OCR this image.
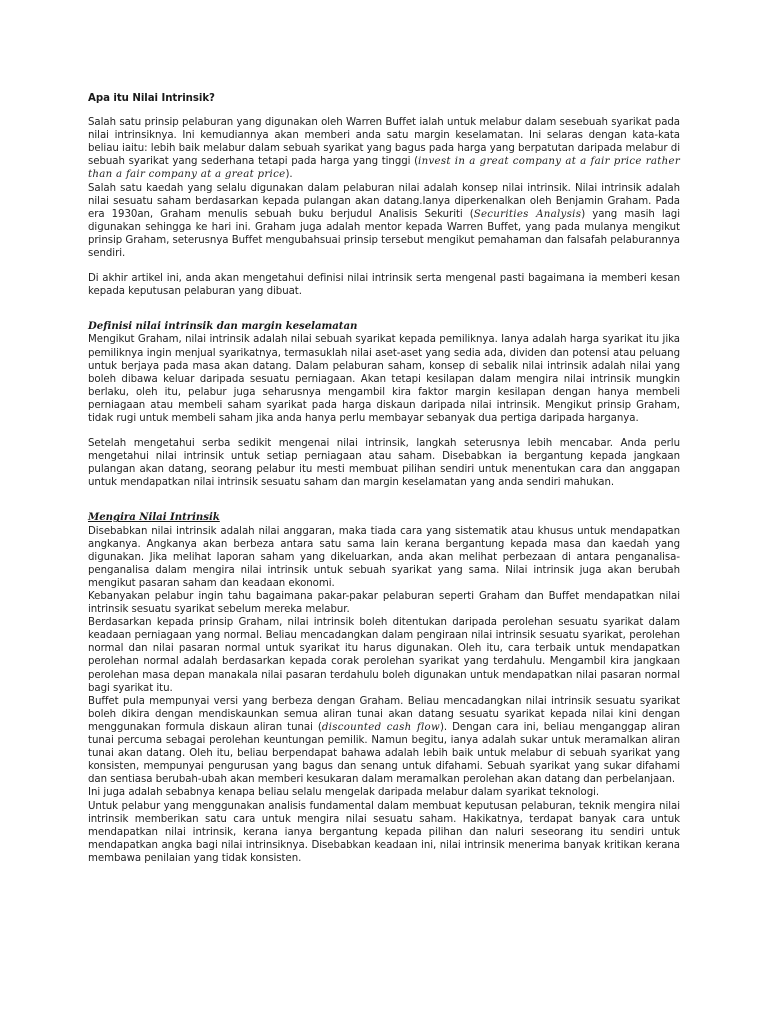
Apa itu Nilai Intrinsik?

Salah satu prinsip pelaburan yang digunakan oleh Warren Buffet ialah untuk melabur dalam sesebuah syarikat pada nilai intrinsiknya. Ini kemudiannya akan memberi anda satu margin keselamatan. Ini selaras dengan kata-kata beliau iaitu: lebih baik melabur dalam sebuah syarikat yang bagus pada harga yang berpatutan daripada melabur di sebuah syarikat yang sederhana tetapi pada harga yang tinggi (invest in a great company at a fair price rather than a fair company at a great price).

Salah satu kaedah yang selalu digunakan dalam pelaburan nilai adalah konsep nilai intrinsik. Nilai intrinsik adalah nilai sesuatu saham berdasarkan kepada pulangan akan datang.Ianya diperkenalkan oleh Benjamin Graham. Pada era 1930an, Graham menulis sebuah buku berjudul Analisis Sekuriti (Securities Analysis) yang masih lagi digunakan sehingga ke hari ini. Graham juga adalah mentor kepada Warren Buffet, yang pada mulanya mengikut prinsip Graham, seterusnya Buffet mengubahsuai prinsip tersebut mengikut pemahaman dan falsafah pelaburannya sendiri.

Di akhir artikel ini, anda akan mengetahui definisi nilai intrinsik serta mengenal pasti bagaimana ia memberi kesan kepada keputusan pelaburan yang dibuat.

Definisi nilai intrinsik dan margin keselamatan

Mengikut Graham, nilai intrinsik adalah nilai sebuah syarikat kepada pemiliknya. Ianya adalah harga syarikat itu jika pemiliknya ingin menjual syarikatnya, termasuklah nilai aset-aset yang sedia ada, dividen dan potensi atau peluang untuk berjaya pada masa akan datang. Dalam pelaburan saham, konsep di sebalik nilai intrinsik adalah nilai yang boleh dibawa keluar daripada sesuatu perniagaan. Akan tetapi kesilapan dalam mengira nilai intrinsik mungkin berlaku, oleh itu, pelabur juga seharusnya mengambil kira faktor margin kesilapan dengan hanya membeli perniagaan atau membeli saham syarikat pada harga diskaun daripada nilai intrinsik. Mengikut prinsip Graham, tidak rugi untuk membeli saham jika anda hanya perlu membayar sebanyak dua pertiga daripada harganya.

Setelah mengetahui serba sedikit mengenai nilai intrinsik, langkah seterusnya lebih mencabar. Anda perlu mengetahui nilai intrinsik untuk setiap perniagaan atau saham. Disebabkan ia bergantung kepada jangkaan pulangan akan datang, seorang pelabur itu mesti membuat pilihan sendiri untuk menentukan cara dan anggapan untuk mendapatkan nilai intrinsik sesuatu saham dan margin keselamatan yang anda sendiri mahukan.

Mengira Nilai Intrinsik

Disebabkan nilai intrinsik adalah nilai anggaran, maka tiada cara yang sistematik atau khusus untuk mendapatkan angkanya. Angkanya akan berbeza antara satu sama lain kerana bergantung kepada masa dan kaedah yang digunakan. Jika melihat laporan saham yang dikeluarkan, anda akan melihat perbezaan di antara penganalisa-penganalisa dalam mengira nilai intrinsik untuk sebuah syarikat yang sama. Nilai intrinsik juga akan berubah mengikut pasaran saham dan keadaan ekonomi.

Kebanyakan pelabur ingin tahu bagaimana pakar-pakar pelaburan seperti Graham dan Buffet mendapatkan nilai intrinsik sesuatu syarikat sebelum mereka melabur.

Berdasarkan kepada prinsip Graham, nilai intrinsik boleh ditentukan daripada perolehan sesuatu syarikat dalam keadaan perniagaan yang normal. Beliau mencadangkan dalam pengiraan nilai intrinsik sesuatu syarikat, perolehan normal dan nilai pasaran normal untuk syarikat itu harus digunakan. Oleh itu, cara terbaik untuk mendapatkan perolehan normal adalah berdasarkan kepada corak perolehan syarikat yang terdahulu. Mengambil kira jangkaan perolehan masa depan manakala nilai pasaran terdahulu boleh digunakan untuk mendapatkan nilai pasaran normal bagi syarikat itu.

Buffet pula mempunyai versi yang berbeza dengan Graham. Beliau mencadangkan nilai intrinsik sesuatu syarikat boleh dikira dengan mendiskaunkan semua aliran tunai akan datang sesuatu syarikat kepada nilai kini dengan menggunakan formula diskaun aliran tunai (discounted cash flow). Dengan cara ini, beliau menganggap aliran tunai percuma sebagai perolehan keuntungan pemilik. Namun begitu, ianya adalah sukar untuk meramalkan aliran tunai akan datang. Oleh itu, beliau berpendapat bahawa adalah lebih baik untuk melabur di sebuah syarikat yang konsisten, mempunyai pengurusan yang bagus dan senang untuk difahami. Sebuah syarikat yang sukar difahami dan sentiasa berubah-ubah akan memberi kesukaran dalam meramalkan perolehan akan datang dan perbelanjaan.

Ini juga adalah sebabnya kenapa beliau selalu mengelak daripada melabur dalam syarikat teknologi.

Untuk pelabur yang menggunakan analisis fundamental dalam membuat keputusan pelaburan, teknik mengira nilai intrinsik memberikan satu cara untuk mengira nilai sesuatu saham. Hakikatnya, terdapat banyak cara untuk mendapatkan nilai intrinsik, kerana ianya bergantung kepada pilihan dan naluri seseorang itu sendiri untuk mendapatkan angka bagi nilai intrinsiknya. Disebabkan keadaan ini, nilai intrinsik menerima banyak kritikan kerana membawa penilaian yang tidak konsisten.
